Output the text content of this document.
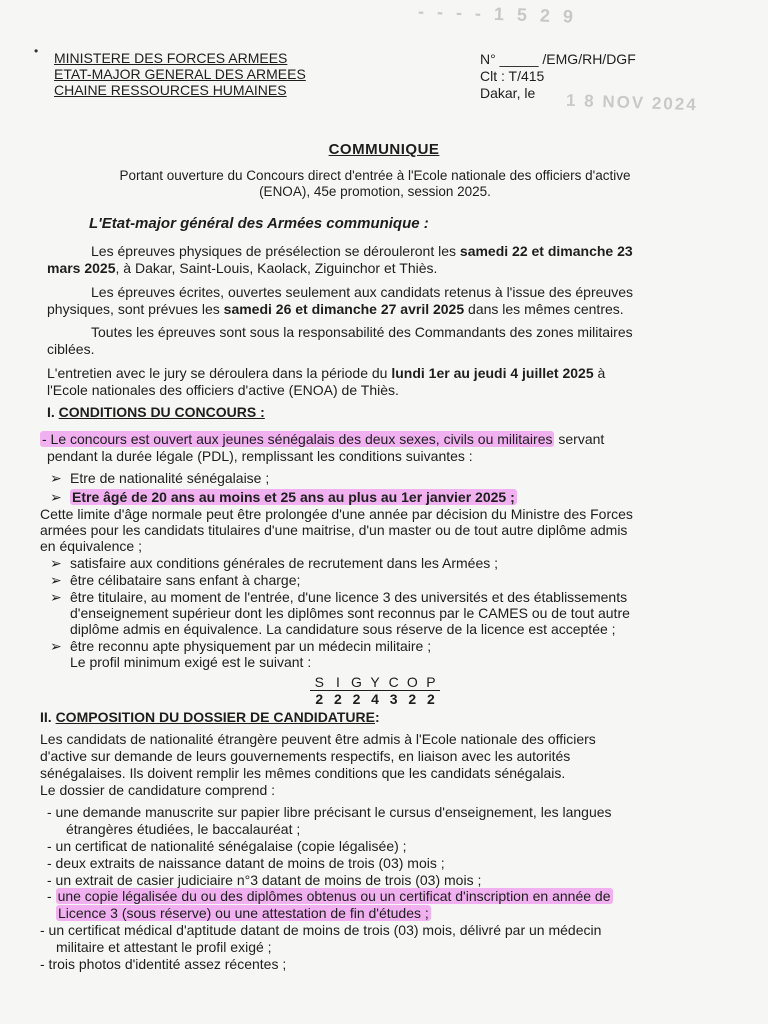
- - - - 1 5 2 9
1 8 NOV 2024
• MINISTERE DES FORCES ARMEES
ETAT-MAJOR GENERAL DES ARMEES
CHAINE RESSOURCES HUMAINES
N° _____ /EMG/RH/DGF
Clt : T/415
Dakar, le
COMMUNIQUE
Portant ouverture du Concours direct d'entrée à l'Ecole nationale des officiers d'active (ENOA), 45e promotion, session 2025.
L'Etat-major général des Armées communique :
Les épreuves physiques de présélection se dérouleront les samedi 22 et dimanche 23
mars 2025, à Dakar, Saint-Louis, Kaolack, Ziguinchor et Thiès.
Les épreuves écrites, ouvertes seulement aux candidats retenus à l'issue des épreuves
physiques, sont prévues les samedi 26 et dimanche 27 avril 2025 dans les mêmes centres.
Toutes les épreuves sont sous la responsabilité des Commandants des zones militaires
ciblées.
L'entretien avec le jury se déroulera dans la période du lundi 1er au jeudi 4 juillet 2025 à
l'Ecole nationales des officiers d'active (ENOA) de Thiès.
I. CONDITIONS DU CONCOURS :
- Le concours est ouvert aux jeunes sénégalais des deux sexes, civils ou militaires servant
pendant la durée légale (PDL), remplissant les conditions suivantes :
➢ Etre de nationalité sénégalaise ;
➢ Etre âgé de 20 ans au moins et 25 ans au plus au 1er janvier 2025 ;
Cette limite d'âge normale peut être prolongée d'une année par décision du Ministre des Forces
armées pour les candidats titulaires d'une maitrise, d'un master ou de tout autre diplôme admis
en équivalence ;
➢ satisfaire aux conditions générales de recrutement dans les Armées ;
➢ être célibataire sans enfant à charge;
➢ être titulaire, au moment de l'entrée, d'une licence 3 des universités et des établissements
d'enseignement supérieur dont les diplômes sont reconnus par le CAMES ou de tout autre
diplôme admis en équivalence. La candidature sous réserve de la licence est acceptée ;
➢ être reconnu apte physiquement par un médecin militaire ;
Le profil minimum exigé est le suivant :
S	I	G	Y	C	O	P
2	2	2	4	3	2	2
II. COMPOSITION DU DOSSIER DE CANDIDATURE:
Les candidats de nationalité étrangère peuvent être admis à l'Ecole nationale des officiers
d'active sur demande de leurs gouvernements respectifs, en liaison avec les autorités
sénégalaises. Ils doivent remplir les mêmes conditions que les candidats sénégalais.
Le dossier de candidature comprend :
- une demande manuscrite sur papier libre précisant le cursus d'enseignement, les langues
étrangères étudiées, le baccalauréat ;
- un certificat de nationalité sénégalaise (copie légalisée) ;
- deux extraits de naissance datant de moins de trois (03) mois ;
- un extrait de casier judiciaire n°3 datant de moins de trois (03) mois ;
- une copie légalisée du ou des diplômes obtenus ou un certificat d'inscription en année de
Licence 3 (sous réserve) ou une attestation de fin d'études ;
- un certificat médical d'aptitude datant de moins de trois (03) mois, délivré par un médecin
militaire et attestant le profil exigé ;
- trois photos d'identité assez récentes ;
